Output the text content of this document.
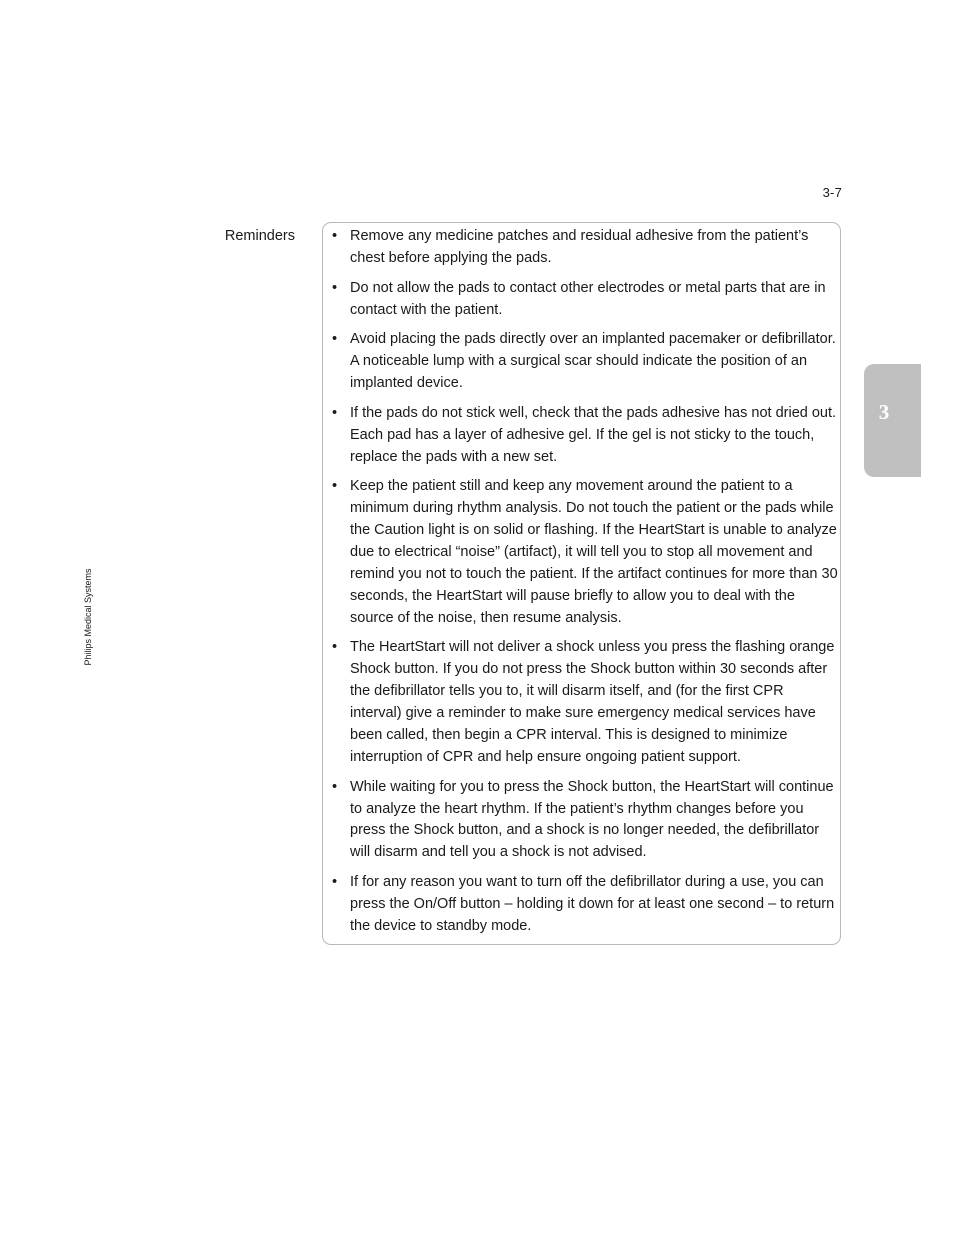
3-7
Reminders	• Remove any medicine patches and residual adhesive from the patient’s chest before applying the pads.
• Do not allow the pads to contact other electrodes or metal parts that are in contact with the patient.
• Avoid placing the pads directly over an implanted pacemaker or defibrillator. A noticeable lump with a surgical scar should indicate the position of an implanted device.
• If the pads do not stick well, check that the pads adhesive has not dried out. Each pad has a layer of adhesive gel. If the gel is not sticky to the touch, replace the pads with a new set.
• Keep the patient still and keep any movement around the patient to a minimum during rhythm analysis. Do not touch the patient or the pads while the Caution light is on solid or flashing. If the HeartStart is unable to analyze due to electrical “noise” (artifact), it will tell you to stop all movement and remind you not to touch the patient. If the artifact continues for more than 30 seconds, the HeartStart will pause briefly to allow you to deal with the source of the noise, then resume analysis.
• The HeartStart will not deliver a shock unless you press the flashing orange Shock button. If you do not press the Shock button within 30 seconds after the defibrillator tells you to, it will disarm itself, and (for the first CPR interval) give a reminder to make sure emergency medical services have been called, then begin a CPR interval. This is designed to minimize interruption of CPR and help ensure ongoing patient support.
• While waiting for you to press the Shock button, the HeartStart will continue to analyze the heart rhythm. If the patient’s rhythm changes before you press the Shock button, and a shock is no longer needed, the defibrillator will disarm and tell you a shock is not advised.
• If for any reason you want to turn off the defibrillator during a use, you can press the On/Off button – holding it down for at least one second – to return the device to standby mode.
3
Philips Medical Systems
